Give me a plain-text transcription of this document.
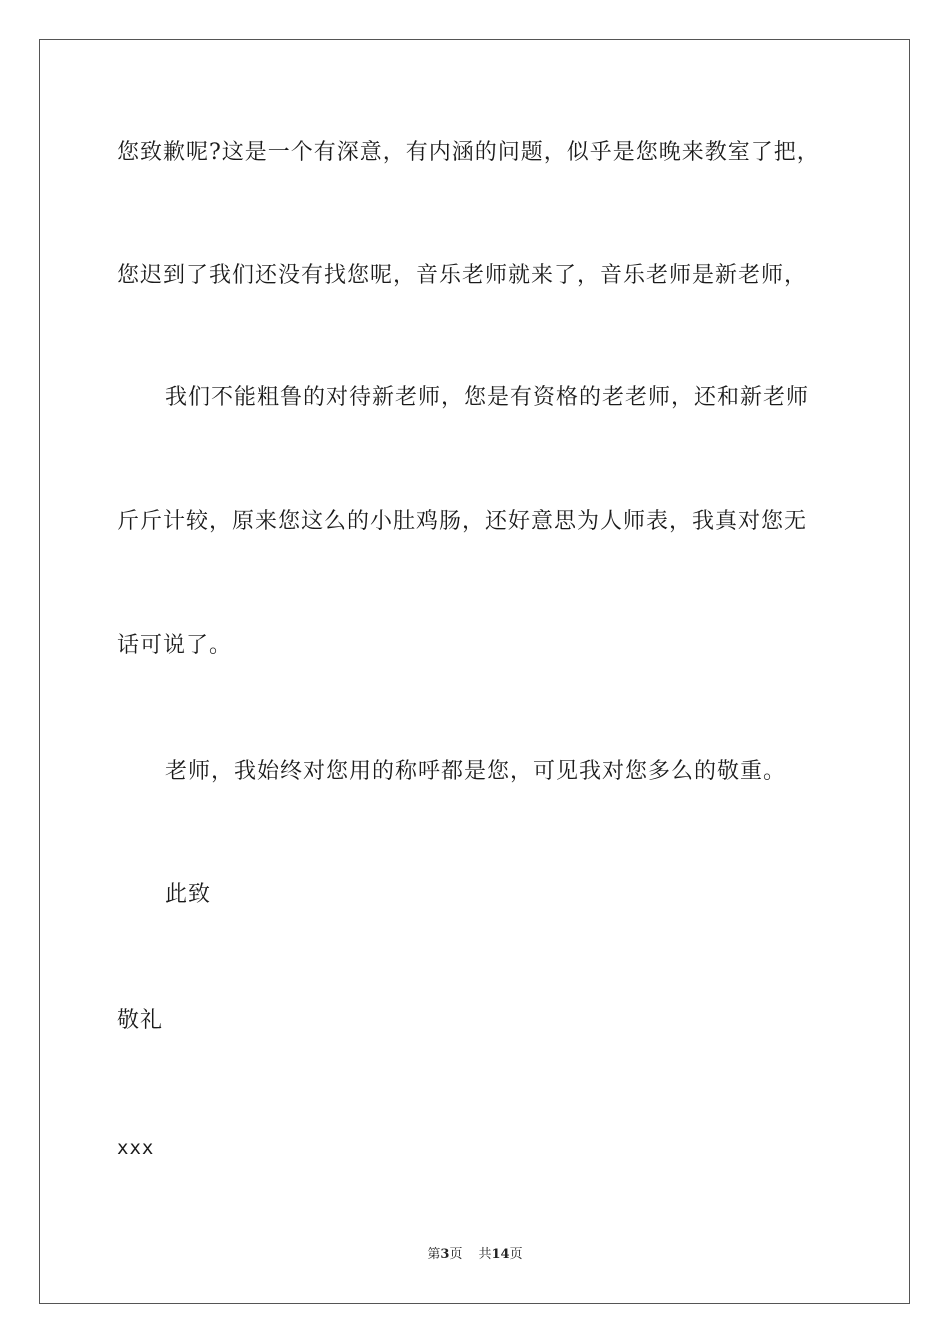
您致歉呢?这是一个有深意，有内涵的问题，似乎是您晚来教室了把，
您迟到了我们还没有找您呢，音乐老师就来了，音乐老师是新老师，
我们不能粗鲁的对待新老师，您是有资格的老老师，还和新老师
斤斤计较，原来您这么的小肚鸡肠，还好意思为人师表，我真对您无
话可说了。
老师，我始终对您用的称呼都是您，可见我对您多么的敬重。
此致
敬礼
xxx
第3页 共14页
